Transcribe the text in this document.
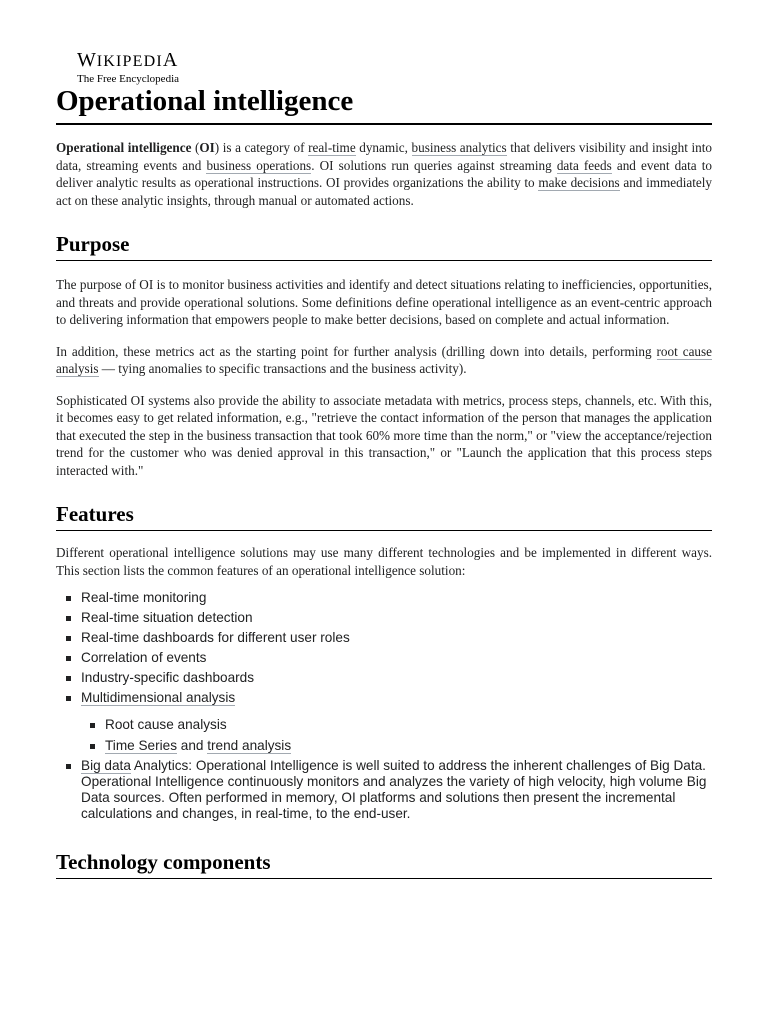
WIKIPEDIA
The Free Encyclopedia
Operational intelligence

Operational intelligence (OI) is a category of real-time dynamic, business analytics that delivers visibility and insight into data, streaming events and business operations. OI solutions run queries against streaming data feeds and event data to deliver analytic results as operational instructions. OI provides organizations the ability to make decisions and immediately act on these analytic insights, through manual or automated actions.

Purpose

The purpose of OI is to monitor business activities and identify and detect situations relating to inefficiencies, opportunities, and threats and provide operational solutions. Some definitions define operational intelligence as an event-centric approach to delivering information that empowers people to make better decisions, based on complete and actual information.

In addition, these metrics act as the starting point for further analysis (drilling down into details, performing root cause analysis — tying anomalies to specific transactions and the business activity).

Sophisticated OI systems also provide the ability to associate metadata with metrics, process steps, channels, etc. With this, it becomes easy to get related information, e.g., "retrieve the contact information of the person that manages the application that executed the step in the business transaction that took 60% more time than the norm," or "view the acceptance/rejection trend for the customer who was denied approval in this transaction," or "Launch the application that this process steps interacted with."

Features

Different operational intelligence solutions may use many different technologies and be implemented in different ways. This section lists the common features of an operational intelligence solution:

Real-time monitoring
Real-time situation detection
Real-time dashboards for different user roles
Correlation of events
Industry-specific dashboards
Multidimensional analysis
Root cause analysis
Time Series and trend analysis
Big data Analytics: Operational Intelligence is well suited to address the inherent challenges of Big Data. Operational Intelligence continuously monitors and analyzes the variety of high velocity, high volume Big Data sources. Often performed in memory, OI platforms and solutions then present the incremental calculations and changes, in real-time, to the end-user.
Technology components
